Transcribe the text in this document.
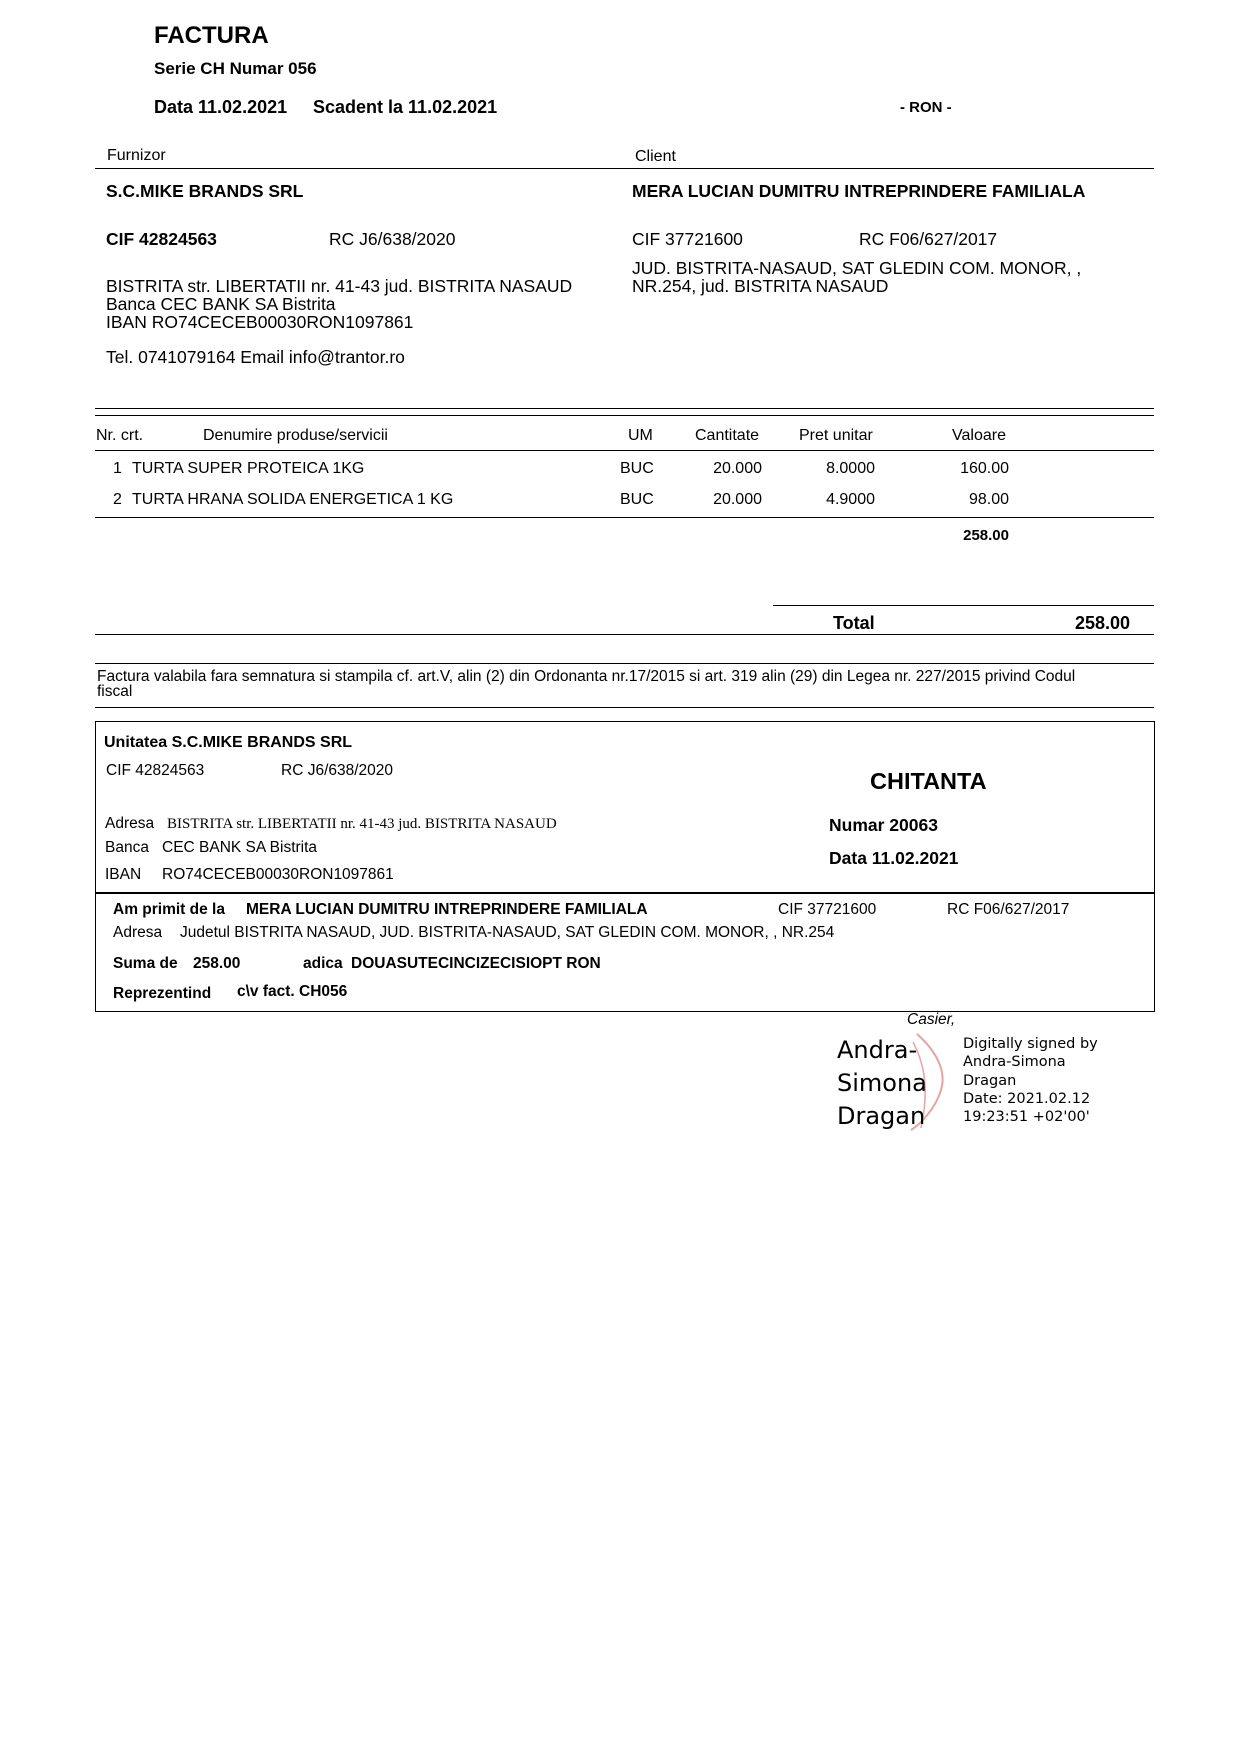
FACTURA
Serie CH Numar 056
Data 11.02.2021 Scadent la 11.02.2021	- RON -
Furnizor	Client
S.C.MIKE BRANDS SRL	MERA LUCIAN DUMITRU INTREPRINDERE FAMILIALA
CIF 42824563	RC J6/638/2020	CIF 37721600	RC F06/627/2017
JUD. BISTRITA-NASAUD, SAT GLEDIN COM. MONOR, ,
NR.254, jud. BISTRITA NASAUD
BISTRITA str. LIBERTATII nr. 41-43 jud. BISTRITA NASAUD
Banca CEC BANK SA Bistrita
IBAN RO74CECEB00030RON1097861
Tel. 0741079164 Email info@trantor.ro
Nr. crt.	Denumire produse/servicii	UM	Cantitate Pret unitar	Valoare
1 TURTA SUPER PROTEICA 1KG	BUC	20.000	8.0000	160.00
2 TURTA HRANA SOLIDA ENERGETICA 1 KG	BUC	20.000	4.9000	98.00
258.00
Total	258.00
Factura valabila fara semnatura si stampila cf. art.V, alin (2) din Ordonanta nr.17/2015 si art. 319 alin (29) din Legea nr. 227/2015 privind Codul
fiscal
Unitatea S.C.MIKE BRANDS SRL
CIF 42824563	RC J6/638/2020
Adresa BISTRITA str. LIBERTATII nr. 41-43 jud. BISTRITA NASAUD
Banca CEC BANK SA Bistrita
IBAN RO74CECEB00030RON1097861
CHITANTA
Numar 20063
Data 11.02.2021
Am primit de la MERA LUCIAN DUMITRU INTREPRINDERE FAMILIALA	CIF 37721600	RC F06/627/2017
Adresa Judetul BISTRITA NASAUD, JUD. BISTRITA-NASAUD, SAT GLEDIN COM. MONOR, , NR.254
Suma de 258.00	adica DOUASUTECINCIZECISIOPT RON
Reprezentind c\v fact. CH056
Casier,
Andra-
Simona
Dragan
Digitally signed by
Andra-Simona
Dragan
Date: 2021.02.12
19:23:51 +02'00'
